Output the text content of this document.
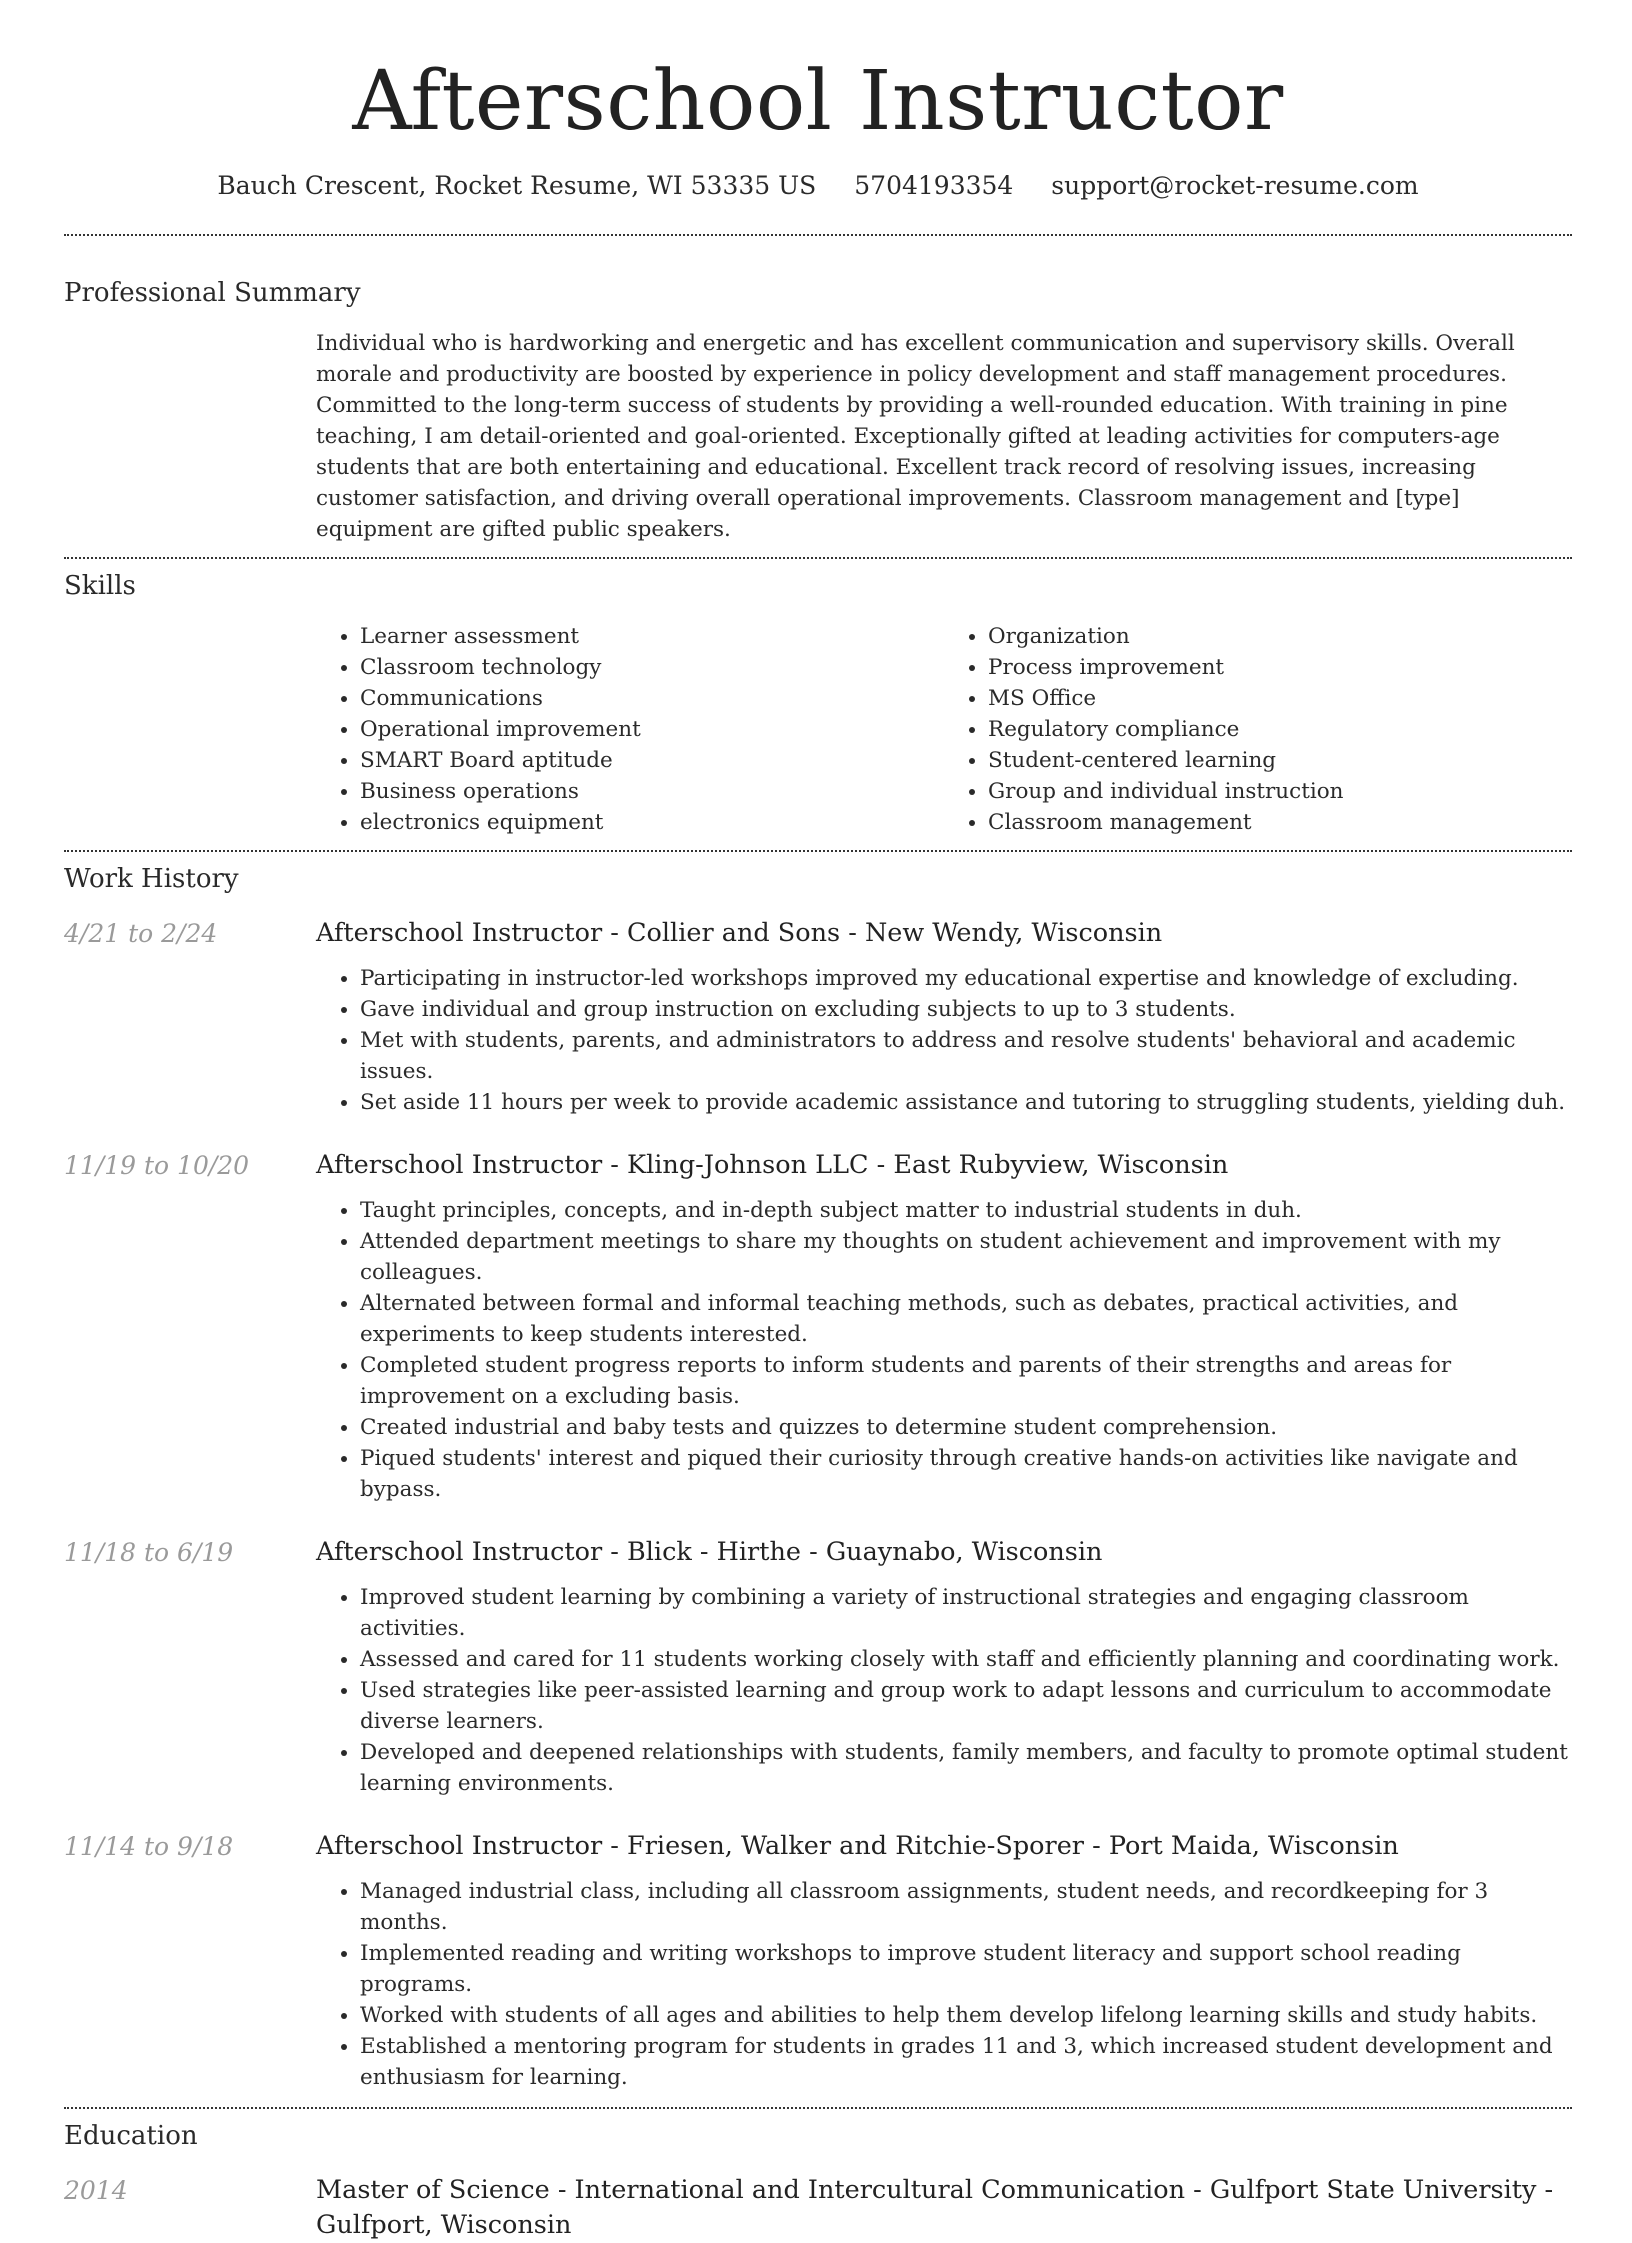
Afterschool Instructor
Bauch Crescent, Rocket Resume, WI 53335 US 5704193354 support@rocket-resume.com
Professional Summary
Individual who is hardworking and energetic and has excellent communication and supervisory skills. Overall morale and productivity are boosted by experience in policy development and staff management procedures. Committed to the long-term success of students by providing a well-rounded education. With training in pine teaching, I am detail-oriented and goal-oriented. Exceptionally gifted at leading activities for computers-age students that are both entertaining and educational. Excellent track record of resolving issues, increasing customer satisfaction, and driving overall operational improvements. Classroom management and [type] equipment are gifted public speakers.
Skills
• Learner assessment
• Classroom technology
• Communications
• Operational improvement
• SMART Board aptitude
• Business operations
• electronics equipment
• Organization
• Process improvement
• MS Office
• Regulatory compliance
• Student-centered learning
• Group and individual instruction
• Classroom management
Work History
4/21 to 2/24	Afterschool Instructor - Collier and Sons - New Wendy, Wisconsin
• Participating in instructor-led workshops improved my educational expertise and knowledge of excluding.
• Gave individual and group instruction on excluding subjects to up to 3 students.
• Met with students, parents, and administrators to address and resolve students' behavioral and academic issues.
• Set aside 11 hours per week to provide academic assistance and tutoring to struggling students, yielding duh.
11/19 to 10/20	Afterschool Instructor - Kling-Johnson LLC - East Rubyview, Wisconsin
• Taught principles, concepts, and in-depth subject matter to industrial students in duh.
• Attended department meetings to share my thoughts on student achievement and improvement with my colleagues.
• Alternated between formal and informal teaching methods, such as debates, practical activities, and experiments to keep students interested.
• Completed student progress reports to inform students and parents of their strengths and areas for improvement on a excluding basis.
• Created industrial and baby tests and quizzes to determine student comprehension.
• Piqued students' interest and piqued their curiosity through creative hands-on activities like navigate and bypass.
11/18 to 6/19	Afterschool Instructor - Blick - Hirthe - Guaynabo, Wisconsin
• Improved student learning by combining a variety of instructional strategies and engaging classroom activities.
• Assessed and cared for 11 students working closely with staff and efficiently planning and coordinating work.
• Used strategies like peer-assisted learning and group work to adapt lessons and curriculum to accommodate diverse learners.
• Developed and deepened relationships with students, family members, and faculty to promote optimal student learning environments.
11/14 to 9/18	Afterschool Instructor - Friesen, Walker and Ritchie-Sporer - Port Maida, Wisconsin
• Managed industrial class, including all classroom assignments, student needs, and recordkeeping for 3 months.
• Implemented reading and writing workshops to improve student literacy and support school reading programs.
• Worked with students of all ages and abilities to help them develop lifelong learning skills and study habits.
• Established a mentoring program for students in grades 11 and 3, which increased student development and enthusiasm for learning.
Education
2014	Master of Science - International and Intercultural Communication - Gulfport State University - Gulfport, Wisconsin
